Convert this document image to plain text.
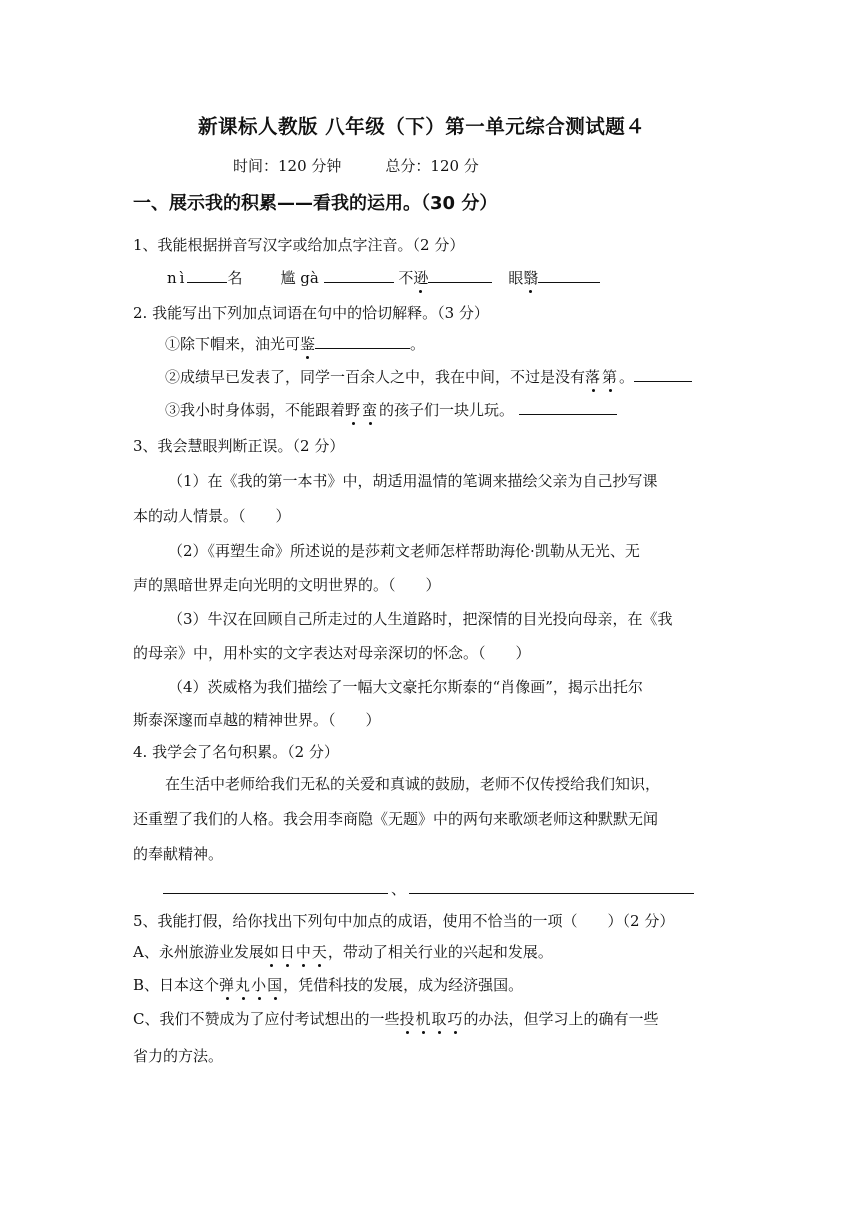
新课标人教版 八年级（下）第一单元综合测试题４
时间：120 分钟	总分：120 分
一、展示我的积累——看我的运用。（30 分）
1、我能根据拼音写汉字或给加点字注音。（2 分）
nì	名	尴 gà	不逊	眼翳
2. 我能写出下列加点词语在句中的恰切解释。（3 分）
①除下帽来，油光可鉴	。
②成绩早已发表了，同学一百余人之中，我在中间，不过是没有落第。
③我小时身体弱，不能跟着野蛮的孩子们一块儿玩。
3、我会慧眼判断正误。（2 分）
（1）在《我的第一本书》中，胡适用温情的笔调来描绘父亲为自己抄写课
本的动人情景。（　　）
（2）《再塑生命》所述说的是莎莉文老师怎样帮助海伦·凯勒从无光、无
声的黑暗世界走向光明的文明世界的。（　　）
（3）牛汉在回顾自己所走过的人生道路时，把深情的目光投向母亲，在《我
的母亲》中，用朴实的文字表达对母亲深切的怀念。（　　）
（4）茨威格为我们描绘了一幅大文豪托尔斯泰的“肖像画”，揭示出托尔
斯泰深邃而卓越的精神世界。（　　）
4. 我学会了名句积累。（2 分）
在生活中老师给我们无私的关爱和真诚的鼓励，老师不仅传授给我们知识，
还重塑了我们的人格。我会用李商隐《无题》中的两句来歌颂老师这种默默无闻
的奉献精神。
、
5、我能打假，给你找出下列句中加点的成语，使用不恰当的一项（　　）（2 分）
A、永州旅游业发展如日中天，带动了相关行业的兴起和发展。
B、日本这个弹丸小国，凭借科技的发展，成为经济强国。
C、我们不赞成为了应付考试想出的一些投机取巧的办法，但学习上的确有一些
省力的方法。
